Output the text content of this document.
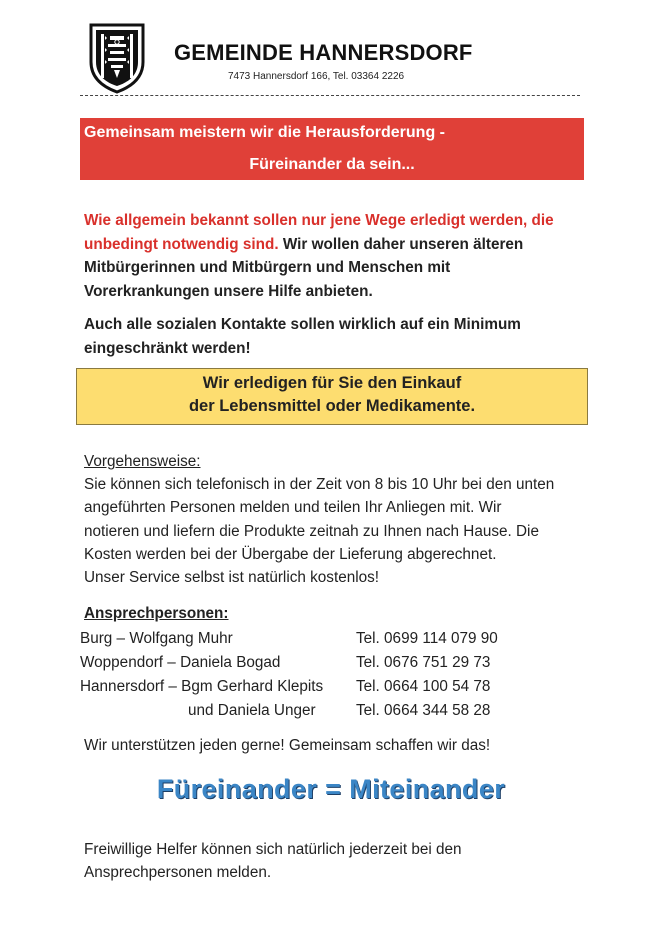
GEMEINDE HANNERSDORF
7473 Hannersdorf 166, Tel. 03364 2226
Gemeinsam meistern wir die Herausforderung -
Füreinander da sein...
Wie allgemein bekannt sollen nur jene Wege erledigt werden, die
unbedingt notwendig sind. Wir wollen daher unseren älteren
Mitbürgerinnen und Mitbürgern und Menschen mit
Vorerkrankungen unsere Hilfe anbieten.
Auch alle sozialen Kontakte sollen wirklich auf ein Minimum
eingeschränkt werden!
Wir erledigen für Sie den Einkauf
der Lebensmittel oder Medikamente.
Vorgehensweise:
Sie können sich telefonisch in der Zeit von 8 bis 10 Uhr bei den unten
angeführten Personen melden und teilen Ihr Anliegen mit. Wir
notieren und liefern die Produkte zeitnah zu Ihnen nach Hause. Die
Kosten werden bei der Übergabe der Lieferung abgerechnet.
Unser Service selbst ist natürlich kostenlos!
Ansprechpersonen:
Burg – Wolfgang Muhr	Tel. 0699 114 079 90
Woppendorf – Daniela Bogad	Tel. 0676 751 29 73
Hannersdorf – Bgm Gerhard Klepits	Tel. 0664 100 54 78
und Daniela Unger	Tel. 0664 344 58 28
Wir unterstützen jeden gerne! Gemeinsam schaffen wir das!
Füreinander = Miteinander
Freiwillige Helfer können sich natürlich jederzeit bei den
Ansprechpersonen melden.
